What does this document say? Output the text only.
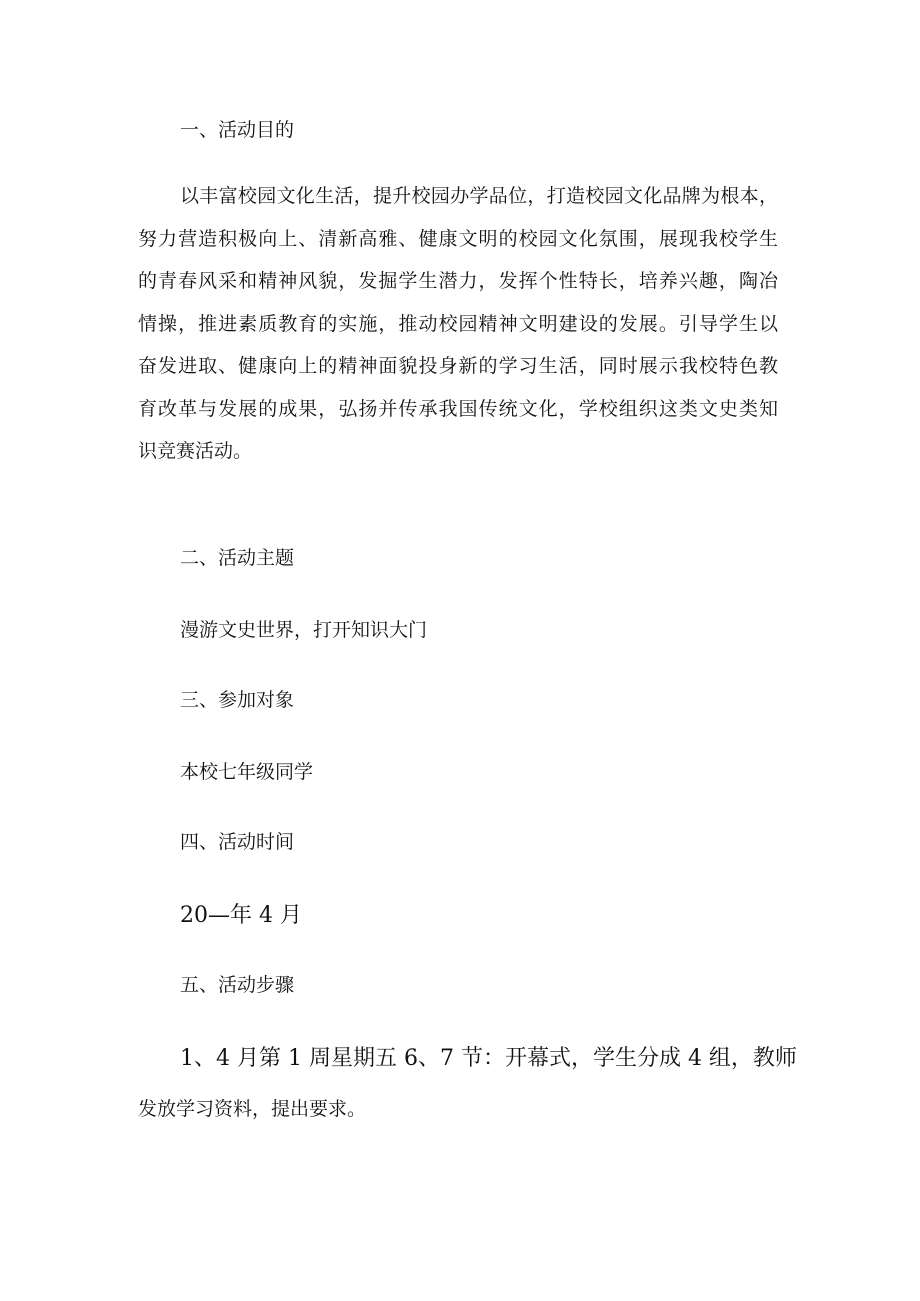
一、活动目的
以丰富校园文化生活，提升校园办学品位，打造校园文化品牌为根本，
努力营造积极向上、清新高雅、健康文明的校园文化氛围，展现我校学生
的青春风采和精神风貌，发掘学生潜力，发挥个性特长，培养兴趣，陶冶
情操，推进素质教育的实施，推动校园精神文明建设的发展。引导学生以
奋发进取、健康向上的精神面貌投身新的学习生活，同时展示我校特色教
育改革与发展的成果，弘扬并传承我国传统文化，学校组织这类文史类知
识竞赛活动。
二、活动主题
漫游文史世界，打开知识大门
三、参加对象
本校七年级同学
四、活动时间
20—年 4 月
五、活动步骤
1、4 月第 1 周星期五 6、7 节：开幕式，学生分成 4 组，教师
发放学习资料，提出要求。
